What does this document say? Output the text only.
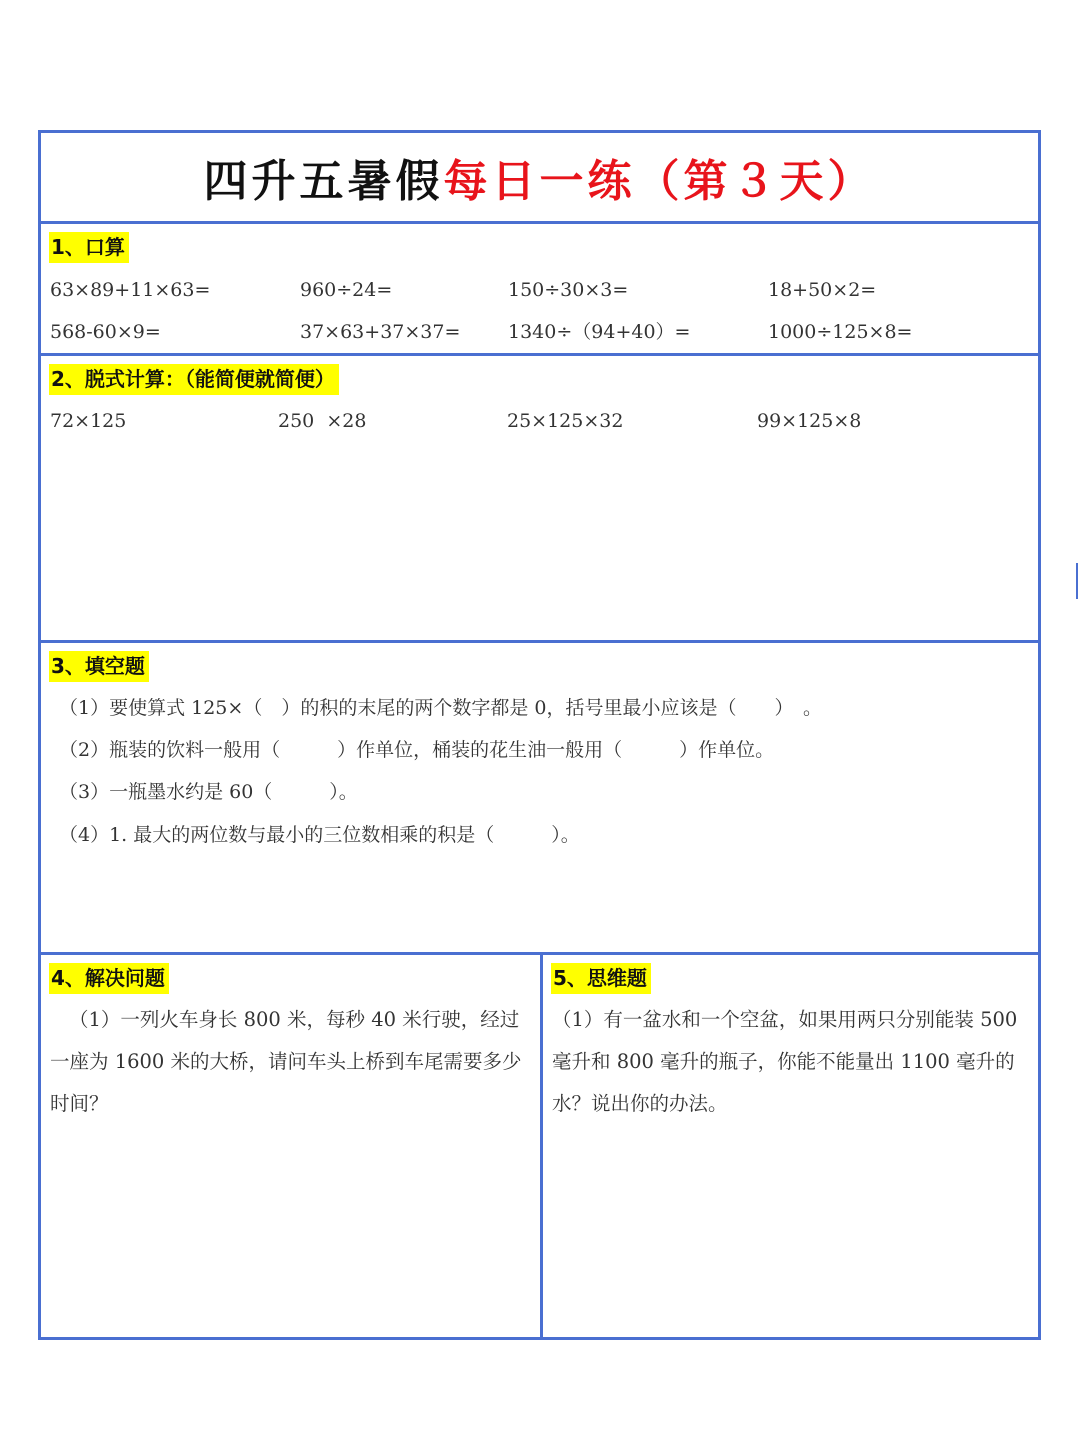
四升五暑假 每日一练（第３天）
1、口算
63×89+11×63=	960÷24=	150÷30×3=	18+50×2=
568-60×9=	37×63+37×37=	1340÷（94+40）=	1000÷125×8=
2、脱式计算：（能简便就简便）
72×125	250  ×28	25×125×32	99×125×8
3、填空题
（1）要使算式 125×（　）的积的末尾的两个数字都是 0，括号里最小应该是（　　）　。
（2）瓶装的饮料一般用（　　　）作单位，桶装的花生油一般用（　　　）作单位。
（3）一瓶墨水约是 60（　　　）。
（4）1. 最大的两位数与最小的三位数相乘的积是（　　　）。
4、解决问题
（1）一列火车身长 800 米，每秒 40 米行驶，经过一座为 1600 米的大桥，请问车头上桥到车尾需要多少时间？
5、思维题
（1）有一盆水和一个空盆，如果用两只分别能装 500 毫升和 800 毫升的瓶子，你能不能量出 1100 毫升的水？说出你的办法。
